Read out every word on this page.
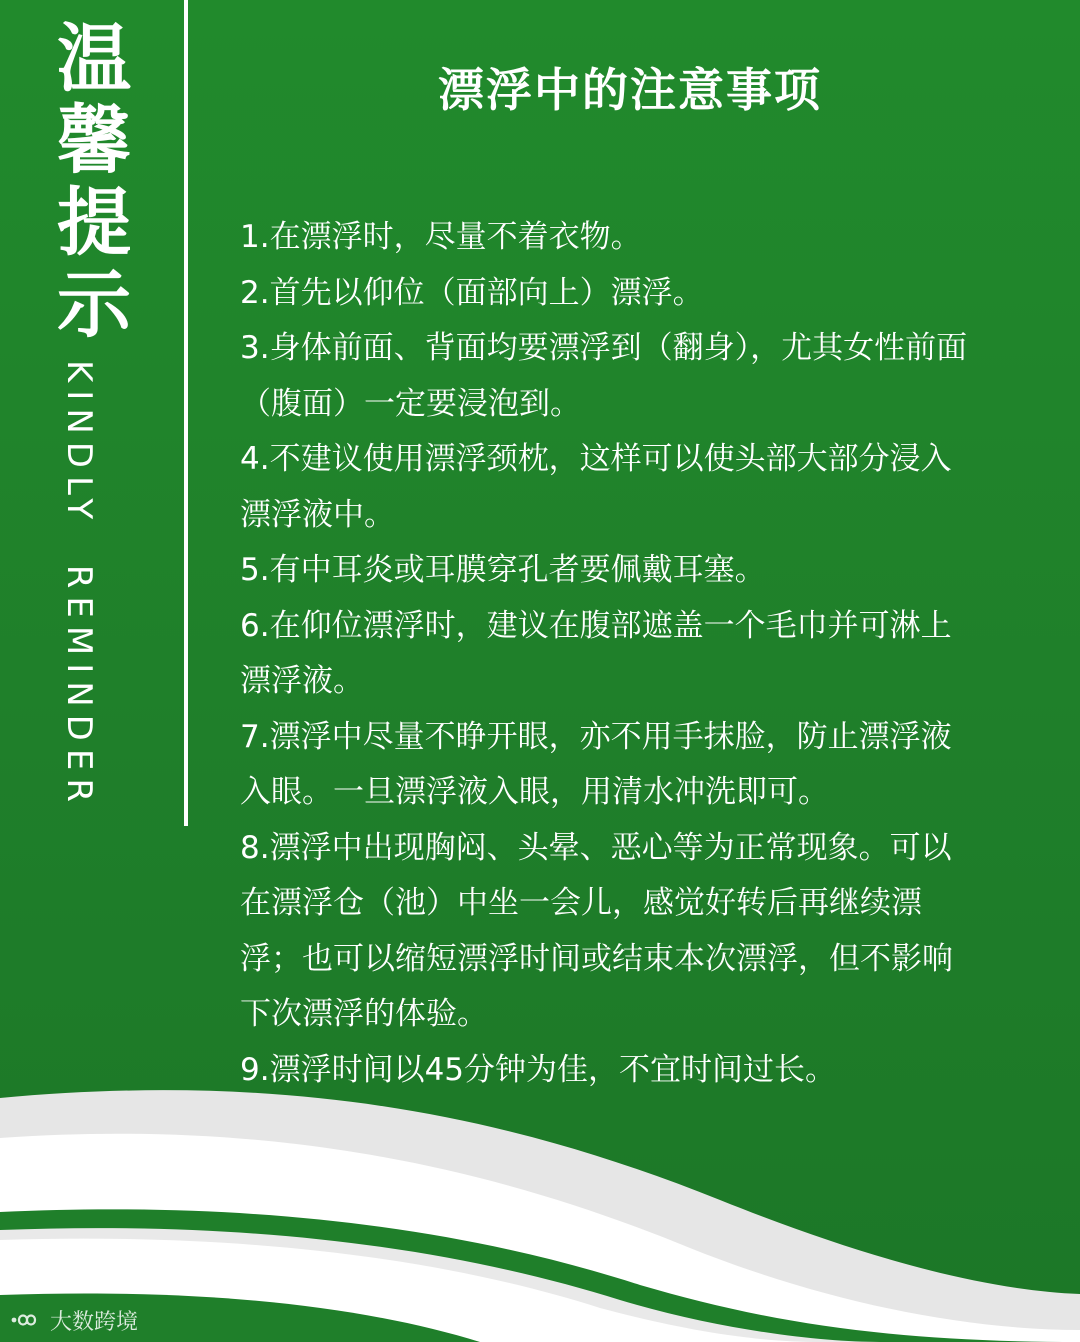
温馨提示
KINDLY  REMINDER
漂浮中的注意事项
1.在漂浮时，尽量不着衣物。
2.首先以仰位（面部向上）漂浮。
3.身体前面、背面均要漂浮到（翻身），尤其女性前面（腹面）一定要浸泡到。
4.不建议使用漂浮颈枕，这样可以使头部大部分浸入漂浮液中。
5.有中耳炎或耳膜穿孔者要佩戴耳塞。
6.在仰位漂浮时，建议在腹部遮盖一个毛巾并可淋上漂浮液。
7.漂浮中尽量不睁开眼，亦不用手抹脸，防止漂浮液入眼。一旦漂浮液入眼，用清水冲洗即可。
8.漂浮中出现胸闷、头晕、恶心等为正常现象。可以在漂浮仓（池）中坐一会儿，感觉好转后再继续漂浮；也可以缩短漂浮时间或结束本次漂浮，但不影响下次漂浮的体验。
9.漂浮时间以45分钟为佳，不宜时间过长。
大数跨境
